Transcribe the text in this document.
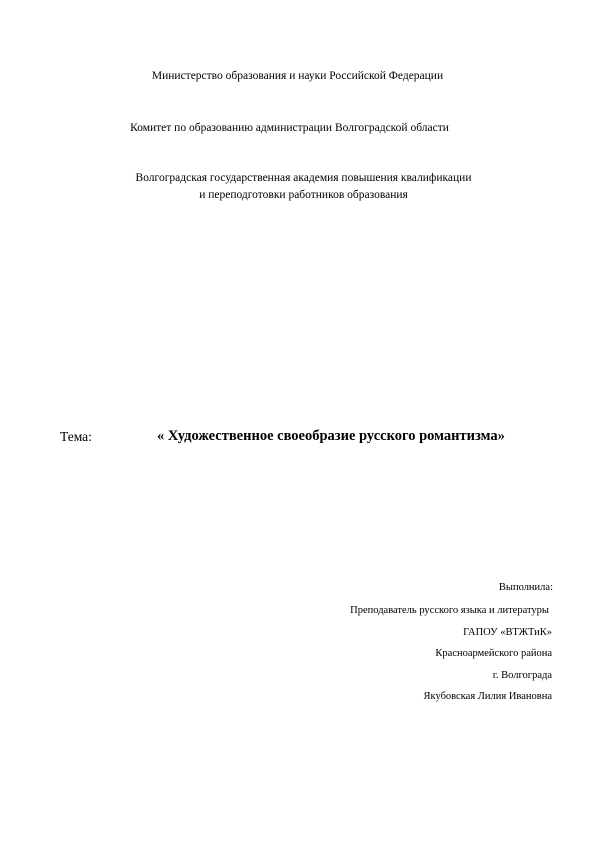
Министерство образования и науки Российской Федерации
Комитет по образованию администрации Волгоградской области
Волгоградская государственная академия повышения квалификации
и переподготовки работников образования
Тема:	« Художественное своеобразие русского романтизма»
Выполнила:
Преподаватель русского языка и литературы
ГАПОУ «ВТЖТиК»
Красноармейского района
г. Волгограда
Якубовская Лилия Ивановна
